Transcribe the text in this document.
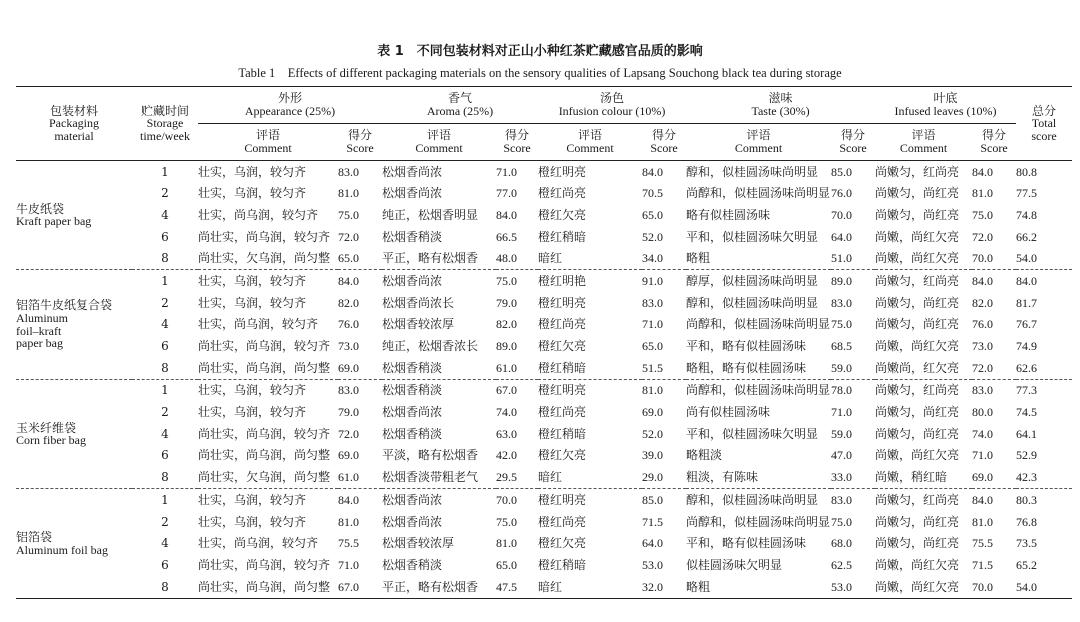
表 1　不同包装材料对正山小种红茶贮藏感官品质的影响
Table 1　Effects of different packaging materials on the sensory qualities of Lapsang Souchong black tea during storage
包装材料
Packaging
material	贮藏时间
Storage
time/week	外形
Appearance (25%)		香气
Aroma (25%)		汤色
Infusion colour (10%)		滋味
Taste (30%)		叶底
Infused leaves (10%)		总分
Total
score

		评语
Comment	得分
Score	评语
Comment	得分
Score	评语
Comment	得分
Score	评语
Comment	得分
Score	评语
Comment	得分
Score	

牛皮纸袋
Kraft paper bag	1	壮实，乌润，较匀齐	83.0	松烟香尚浓	71.0	橙红明亮	84.0	醇和，似桂圆汤味尚明显	85.0	尚嫩匀，红尚亮	84.0	80.8
	2	壮实，乌润，较匀齐	81.0	松烟香尚浓	77.0	橙红尚亮	70.5	尚醇和，似桂圆汤味尚明显	76.0	尚嫩匀，尚红亮	81.0	77.5
	4	壮实，尚乌润，较匀齐	75.0	纯正，松烟香明显	84.0	橙红欠亮	65.0	略有似桂圆汤味	70.0	尚嫩匀，尚红亮	75.0	74.8
	6	尚壮实，尚乌润，较匀齐	72.0	松烟香稍淡	66.5	橙红稍暗	52.0	平和，似桂圆汤味欠明显	64.0	尚嫩，尚红欠亮	72.0	66.2
	8	尚壮实，欠乌润，尚匀整	65.0	平正，略有松烟香	48.0	暗红	34.0	略粗	51.0	尚嫩，尚红欠亮	70.0	54.0

铝箔牛皮纸复合袋
Aluminum
foil–kraft
paper bag	1	壮实，乌润，较匀齐	84.0	松烟香尚浓	75.0	橙红明艳	91.0	醇厚，似桂圆汤味尚明显	89.0	尚嫩匀，红尚亮	84.0	84.0
	2	壮实，乌润，较匀齐	82.0	松烟香尚浓长	79.0	橙红明亮	83.0	醇和，似桂圆汤味尚明显	83.0	尚嫩匀，尚红亮	82.0	81.7
	4	壮实，尚乌润，较匀齐	76.0	松烟香较浓厚	82.0	橙红尚亮	71.0	尚醇和，似桂圆汤味尚明显	75.0	尚嫩匀，尚红亮	76.0	76.7
	6	尚壮实，尚乌润，较匀齐	73.0	纯正，松烟香浓长	89.0	橙红欠亮	65.0	平和，略有似桂圆汤味	68.5	尚嫩，尚红欠亮	73.0	74.9
	8	尚壮实，尚乌润，尚匀整	69.0	松烟香稍淡	61.0	橙红稍暗	51.5	略粗，略有似桂圆汤味	59.0	尚嫩尚，红欠亮	72.0	62.6

玉米纤维袋
Corn fiber bag	1	壮实，乌润，较匀齐	83.0	松烟香稍淡	67.0	橙红明亮	81.0	尚醇和，似桂圆汤味尚明显	78.0	尚嫩匀，红尚亮	83.0	77.3
	2	壮实，乌润，较匀齐	79.0	松烟香尚浓	74.0	橙红尚亮	69.0	尚有似桂圆汤味	71.0	尚嫩匀，尚红亮	80.0	74.5
	4	尚壮实，尚乌润，较匀齐	72.0	松烟香稍淡	63.0	橙红稍暗	52.0	平和，似桂圆汤味欠明显	59.0	尚嫩匀，尚红亮	74.0	64.1
	6	尚壮实，尚乌润，尚匀整	69.0	平淡，略有松烟香	42.0	橙红欠亮	39.0	略粗淡	47.0	尚嫩，尚红欠亮	71.0	52.9
	8	尚壮实，欠乌润，尚匀整	61.0	松烟香淡带粗老气	29.5	暗红	29.0	粗淡，有陈味	33.0	尚嫩，稍红暗	69.0	42.3

铝箔袋
Aluminum foil bag	1	壮实，乌润，较匀齐	84.0	松烟香尚浓	70.0	橙红明亮	85.0	醇和，似桂圆汤味尚明显	83.0	尚嫩匀，红尚亮	84.0	80.3
	2	壮实，乌润，较匀齐	81.0	松烟香尚浓	75.0	橙红尚亮	71.5	尚醇和，似桂圆汤味尚明显	75.0	尚嫩匀，尚红亮	81.0	76.8
	4	壮实，尚乌润，较匀齐	75.5	松烟香较浓厚	81.0	橙红欠亮	64.0	平和，略有似桂圆汤味	68.0	尚嫩匀，尚红亮	75.5	73.5
	6	尚壮实，尚乌润，较匀齐	71.0	松烟香稍淡	65.0	橙红稍暗	53.0	似桂圆汤味欠明显	62.5	尚嫩，尚红欠亮	71.5	65.2
	8	尚壮实，尚乌润，尚匀整	67.0	平正，略有松烟香	47.5	暗红	32.0	略粗	53.0	尚嫩，尚红欠亮	70.0	54.0
